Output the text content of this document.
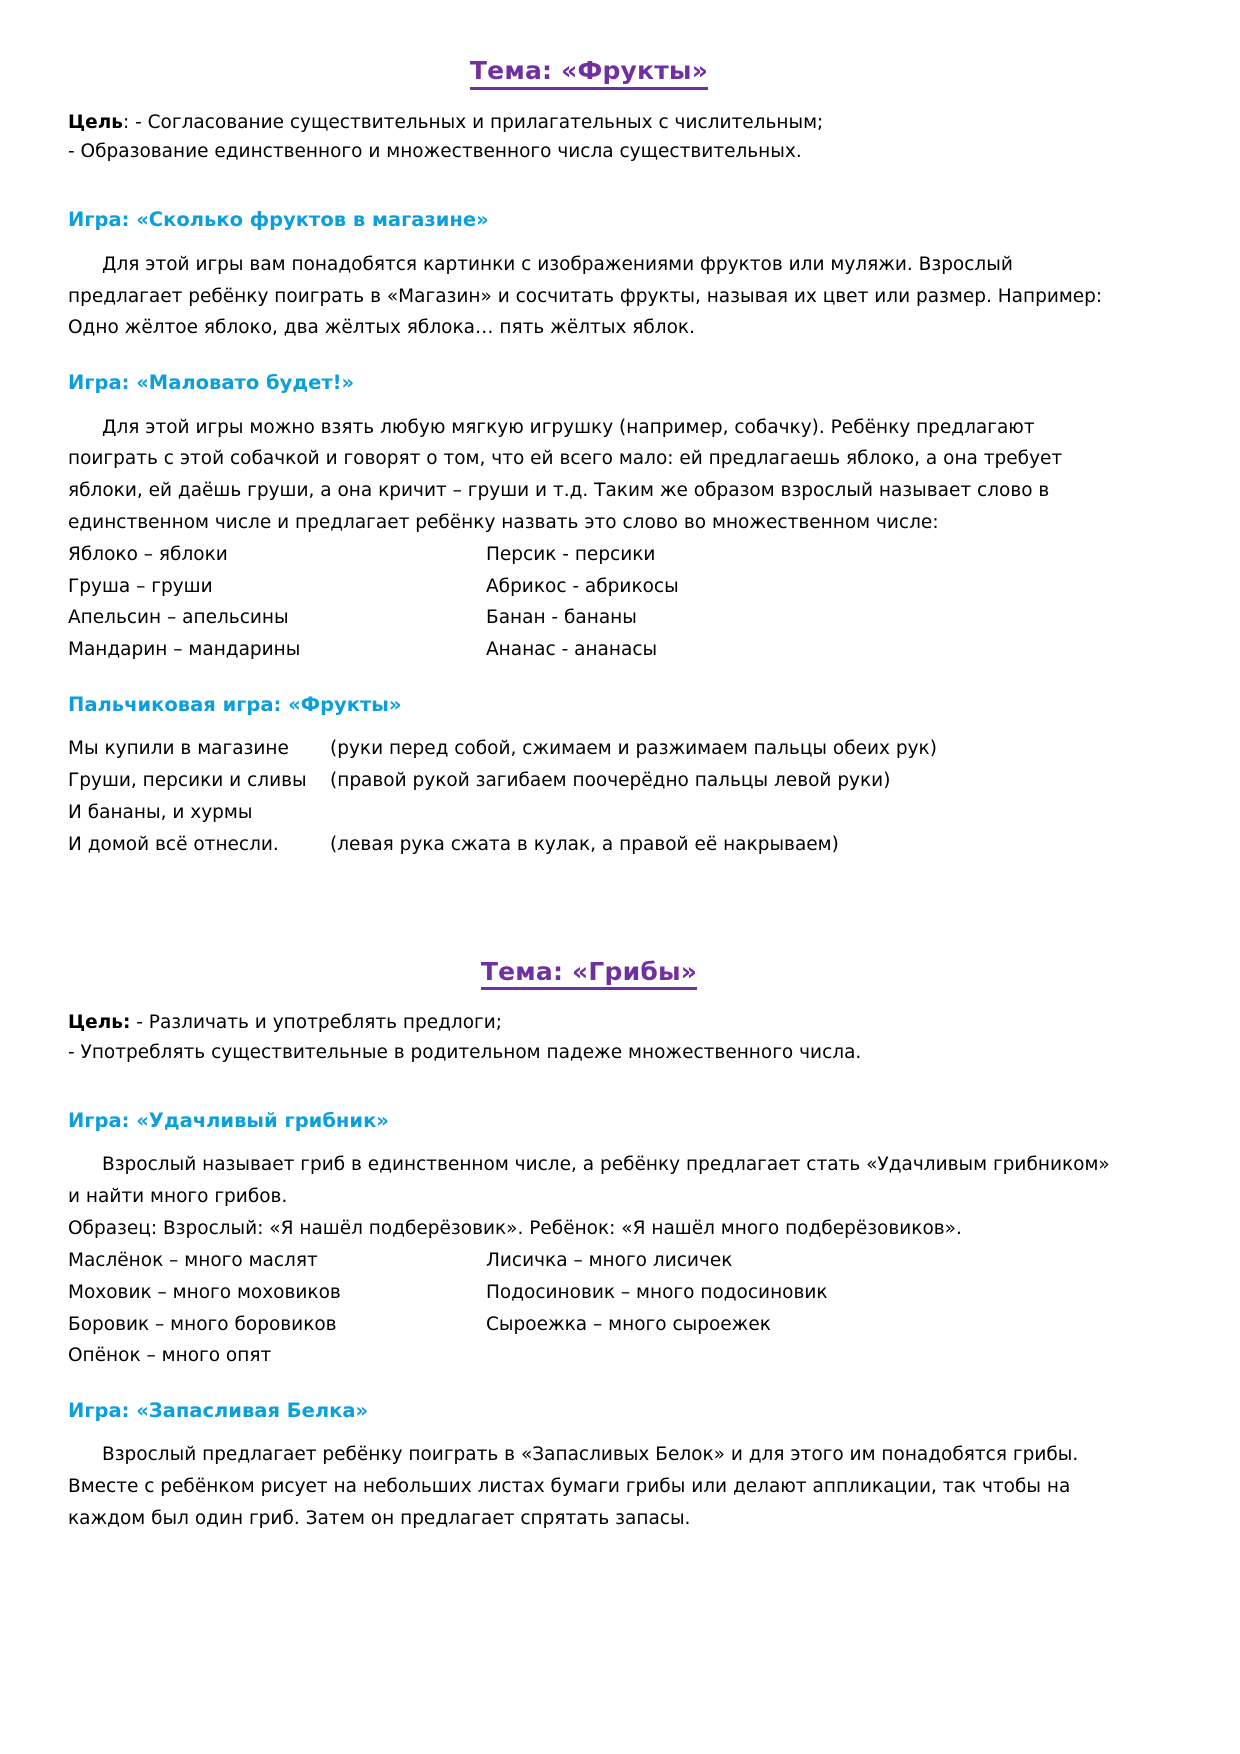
Тема: «Фрукты»
Цель: - Согласование существительных и прилагательных с числительным;
- Образование единственного и множественного числа существительных.
Игра: «Сколько фруктов в магазине»

Для этой игры вам понадобятся картинки с изображениями фруктов или муляжи. Взрослый предлагает ребёнку поиграть в «Магазин» и сосчитать фрукты, называя их цвет или размер. Например: Одно жёлтое яблоко, два жёлтых яблока… пять жёлтых яблок.

Игра: «Маловато будет!»

Для этой игры можно взять любую мягкую игрушку (например, собачку). Ребёнку предлагают поиграть с этой собачкой и говорят о том, что ей всего мало: ей предлагаешь яблоко, а она требует яблоки, ей даёшь груши, а она кричит – груши и т.д. Таким же образом взрослый называет слово в единственном числе и предлагает ребёнку назвать это слово во множественном числе:

Яблоко – яблоки	Персик - персики
Груша – груши	Абрикос - абрикосы
Апельсин – апельсины	Банан - бананы
Мандарин – мандарины	Ананас - ананасы
Пальчиковая игра: «Фрукты»
Мы купили в магазине	(руки перед собой, сжимаем и разжимаем пальцы обеих рук)
Груши, персики и сливы	(правой рукой загибаем поочерёдно пальцы левой руки)
И бананы, и хурмы
И домой всё отнесли.	(левая рука сжата в кулак, а правой её накрываем)
Тема: «Грибы»
Цель: - Различать и употреблять предлоги;
- Употреблять существительные в родительном падеже множественного числа.
Игра: «Удачливый грибник»

Взрослый называет гриб в единственном числе, а ребёнку предлагает стать «Удачливым грибником» и найти много грибов.

Образец: Взрослый: «Я нашёл подберёзовик». Ребёнок: «Я нашёл много подберёзовиков».

Маслёнок – много маслят	Лисичка – много лисичек
Моховик – много моховиков	Подосиновик – много подосиновик
Боровик – много боровиков	Сыроежка – много сыроежек
Опёнок – много опят
Игра: «Запасливая Белка»

Взрослый предлагает ребёнку поиграть в «Запасливых Белок» и для этого им понадобятся грибы. Вместе с ребёнком рисует на небольших листах бумаги грибы или делают аппликации, так чтобы на каждом был один гриб. Затем он предлагает спрятать запасы.
